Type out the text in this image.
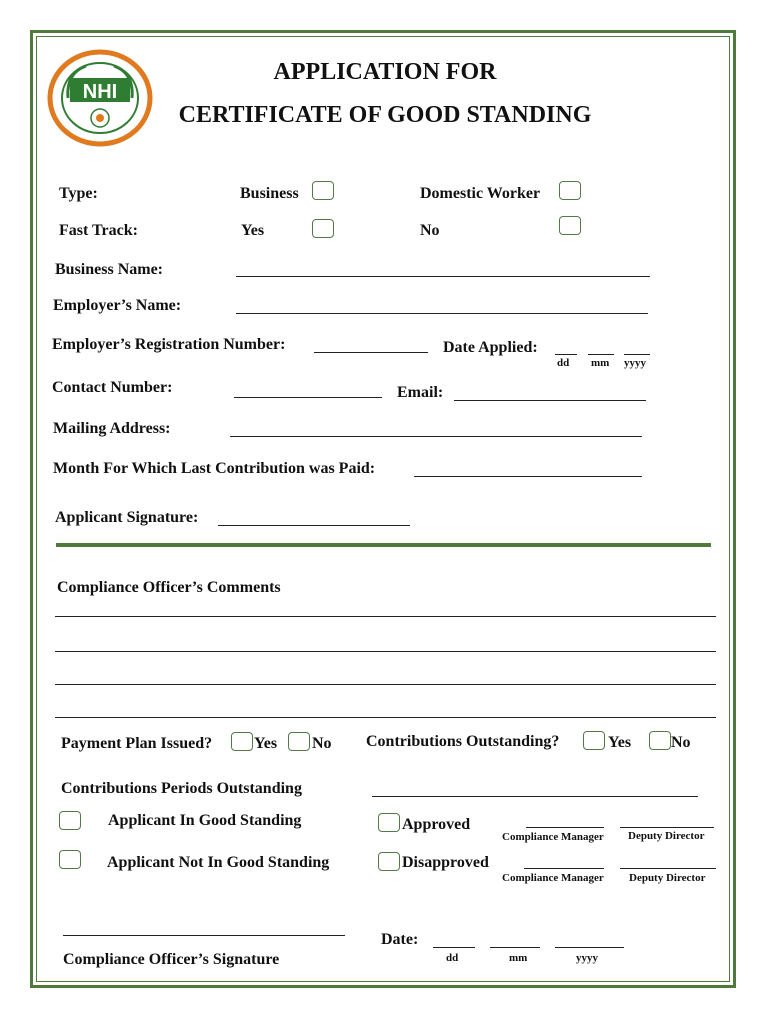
NHI
APPLICATION FOR
CERTIFICATE OF GOOD STANDING
Type:	Business	Domestic Worker
Fast Track:	Yes	No
Business Name:
Employer’s Name:
Employer’s Registration Number:	Date Applied:
dd mm yyyy
Contact Number:	Email:
Mailing Address:
Month For Which Last Contribution was Paid:
Applicant Signature:
Compliance Officer’s Comments
Payment Plan Issued?	Yes No Contributions Outstanding?	Yes No
Contributions Periods Outstanding
Applicant In Good Standing	Approved
Compliance Manager Deputy Director
Applicant Not In Good Standing	Disapproved
Compliance Manager Deputy Director
Compliance Officer’s Signature
Date:
dd	mm	yyyy
